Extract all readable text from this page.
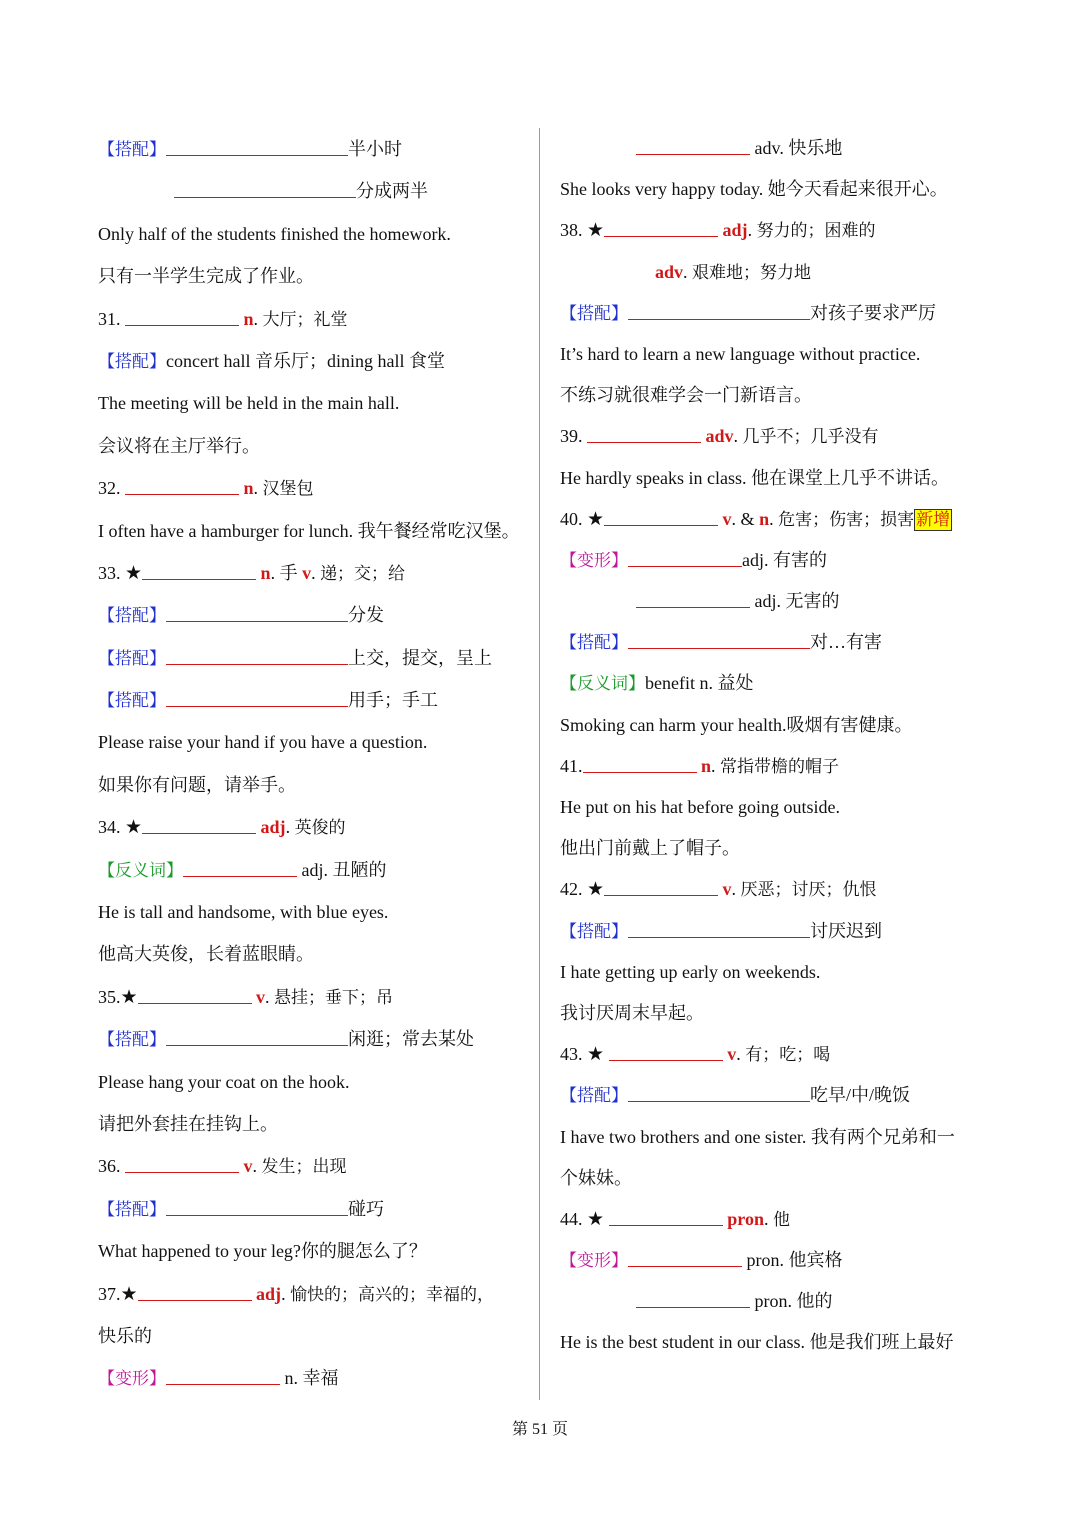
【搭配】	半小时
分成两半
Only half of the students finished the homework.
只有一半学生完成了作业。
31.	n. 大厅；礼堂
【搭配】concert hall 音乐厅；dining hall 食堂
The meeting will be held in the main hall.
会议将在主厅举行。
32.	n. 汉堡包
I often have a hamburger for lunch. 我午餐经常吃汉堡。
33. ★	n. 手 v. 递；交；给
【搭配】	分发
【搭配】	上交，提交，呈上
【搭配】	用手；手工
Please raise your hand if you have a question.
如果你有问题，请举手。
34. ★	adj. 英俊的
【反义词】	adj. 丑陋的
He is tall and handsome, with blue eyes.
他高大英俊，长着蓝眼睛。
35.★	v. 悬挂；垂下；吊
【搭配】	闲逛；常去某处
Please hang your coat on the hook.
请把外套挂在挂钩上。
36.	v. 发生；出现
【搭配】	碰巧
What happened to your leg?你的腿怎么了？
37.★	adj. 愉快的；高兴的；幸福的，
快乐的
【变形】	n. 幸福
adv. 快乐地
She looks very happy today. 她今天看起来很开心。
38. ★	adj. 努力的；困难的
adv. 艰难地；努力地
【搭配】	对孩子要求严厉
It’s hard to learn a new language without practice.
不练习就很难学会一门新语言。
39.	adv. 几乎不；几乎没有
He hardly speaks in class. 他在课堂上几乎不讲话。
40. ★	v. & n. 危害；伤害；损害 新增
【变形】	adj. 有害的
adj. 无害的
【搭配】	对…有害
【反义词】benefit n. 益处
Smoking can harm your health.吸烟有害健康。
41.	n. 常指带檐的帽子
He put on his hat before going outside.
他出门前戴上了帽子。
42. ★	v. 厌恶；讨厌；仇恨
【搭配】	讨厌迟到
I hate getting up early on weekends.
我讨厌周末早起。
43. ★	v. 有；吃；喝
【搭配】	吃早/中/晚饭
I have two brothers and one sister. 我有两个兄弟和一
个妹妹。
44. ★	pron. 他
【变形】	pron. 他宾格
pron. 他的
He is the best student in our class. 他是我们班上最好
第 51 页
